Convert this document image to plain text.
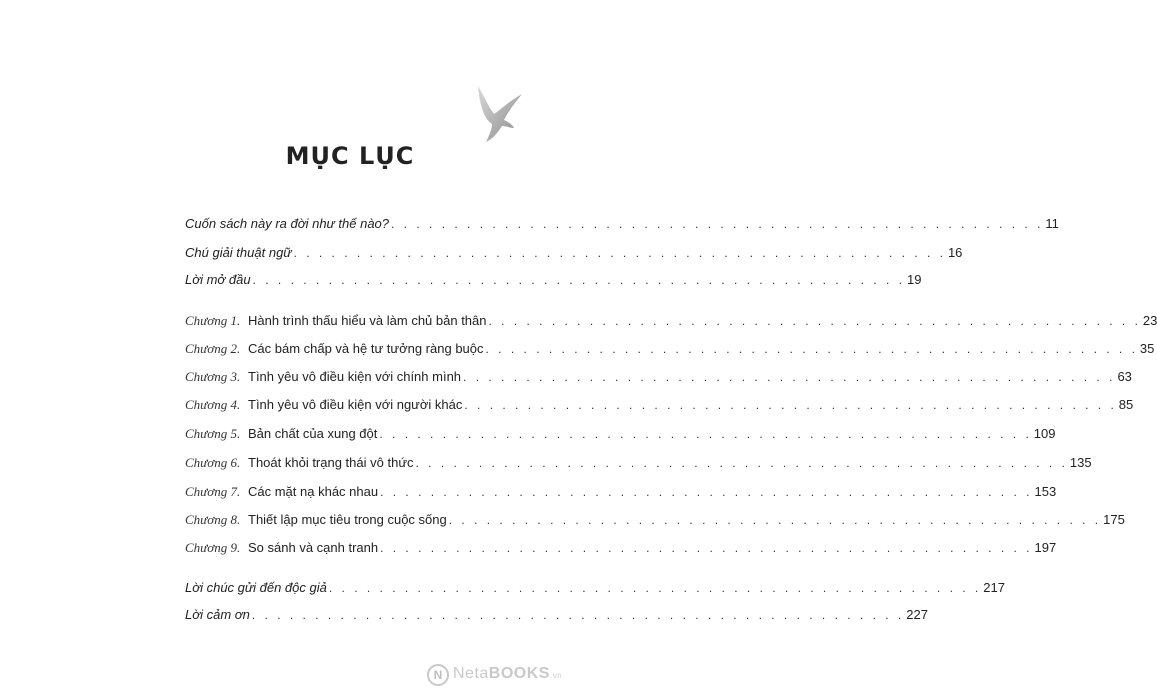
MỤC LỤC
Cuốn sách này ra đời như thế nào? . . . . . . . . . . . . . . . . . . . . . . . . . . . . . . . . . . . . . . . . . . . . . . . . . . . . 11
Chú giải thuật ngữ . . . . . . . . . . . . . . . . . . . . . . . . . . . . . . . . . . . . . . . . . . . . . . . . . . . . 16
Lời mở đầu . . . . . . . . . . . . . . . . . . . . . . . . . . . . . . . . . . . . . . . . . . . . . . . . . . . . 19
Chương 1. Hành trình thấu hiểu và làm chủ bản thân . . . . . . . . . . . . . . . . . . . . . . . . . . . . . . . . . . . . . . . . . . . . . . . . . . . . 23
Chương 2. Các bám chấp và hệ tư tưởng ràng buộc . . . . . . . . . . . . . . . . . . . . . . . . . . . . . . . . . . . . . . . . . . . . . . . . . . . . 35
Chương 3. Tình yêu vô điều kiện với chính mình . . . . . . . . . . . . . . . . . . . . . . . . . . . . . . . . . . . . . . . . . . . . . . . . . . . . 63
Chương 4. Tình yêu vô điều kiện với người khác . . . . . . . . . . . . . . . . . . . . . . . . . . . . . . . . . . . . . . . . . . . . . . . . . . . . 85
Chương 5. Bản chất của xung đột . . . . . . . . . . . . . . . . . . . . . . . . . . . . . . . . . . . . . . . . . . . . . . . . . . . . 109
Chương 6. Thoát khỏi trạng thái vô thức . . . . . . . . . . . . . . . . . . . . . . . . . . . . . . . . . . . . . . . . . . . . . . . . . . . . 135
Chương 7. Các mặt nạ khác nhau . . . . . . . . . . . . . . . . . . . . . . . . . . . . . . . . . . . . . . . . . . . . . . . . . . . . 153
Chương 8. Thiết lập mục tiêu trong cuộc sống . . . . . . . . . . . . . . . . . . . . . . . . . . . . . . . . . . . . . . . . . . . . . . . . . . . . 175
Chương 9. So sánh và cạnh tranh . . . . . . . . . . . . . . . . . . . . . . . . . . . . . . . . . . . . . . . . . . . . . . . . . . . . 197
Lời chúc gửi đến độc giả . . . . . . . . . . . . . . . . . . . . . . . . . . . . . . . . . . . . . . . . . . . . . . . . . . . . 217
Lời cảm ơn . . . . . . . . . . . . . . . . . . . . . . . . . . . . . . . . . . . . . . . . . . . . . . . . . . . . 227
N NetaBOOKS.vn
